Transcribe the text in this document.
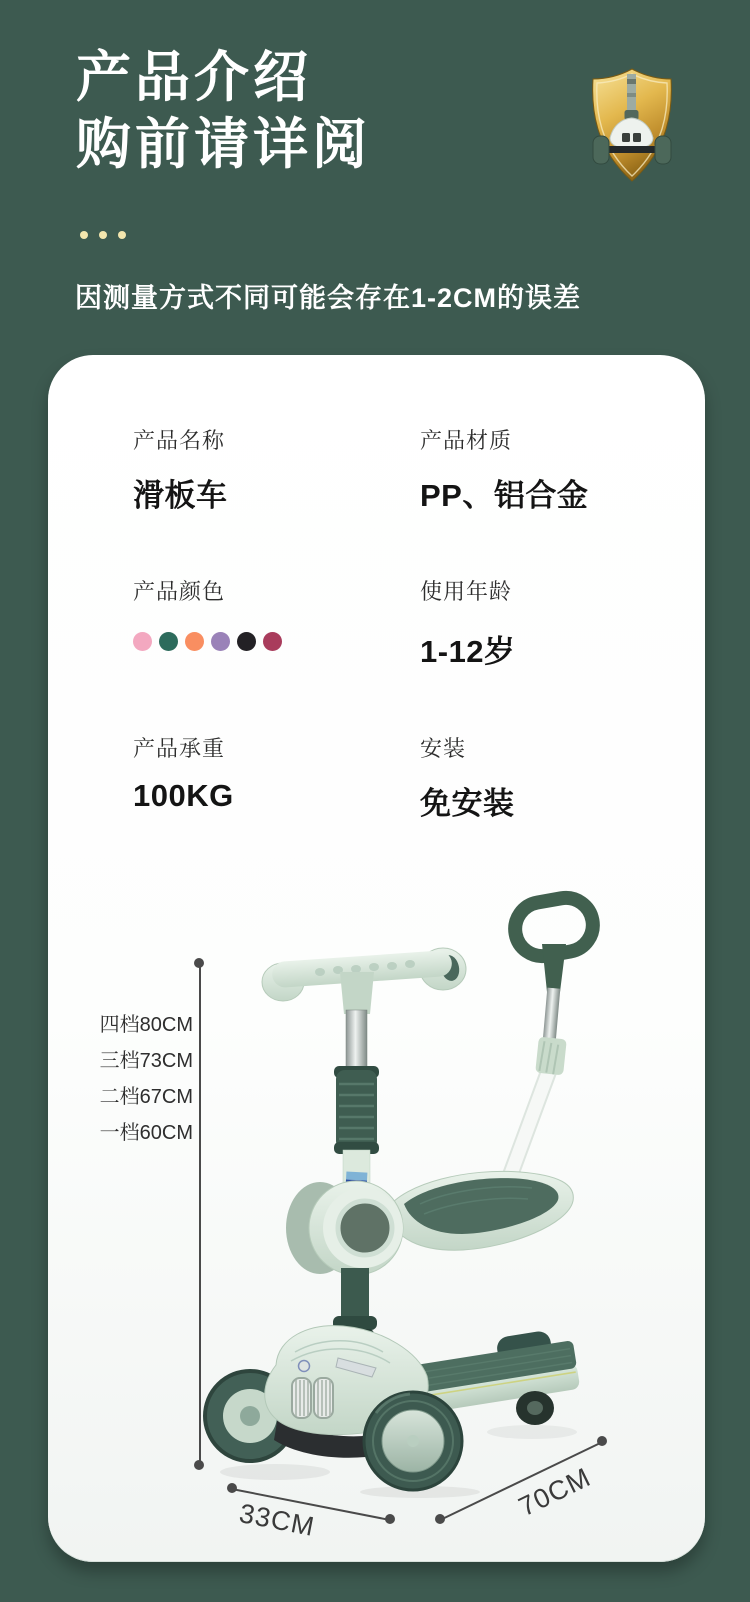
产品介绍
购前请详阅
因测量方式不同可能会存在1-2CM的误差
产品名称
滑板车
产品材质
PP、铝合金
产品颜色	使用年龄
1-12岁
产品承重
100KG
安装
免安装
四档80CM
三档73CM
二档67CM
一档60CM
33CM	70CM
